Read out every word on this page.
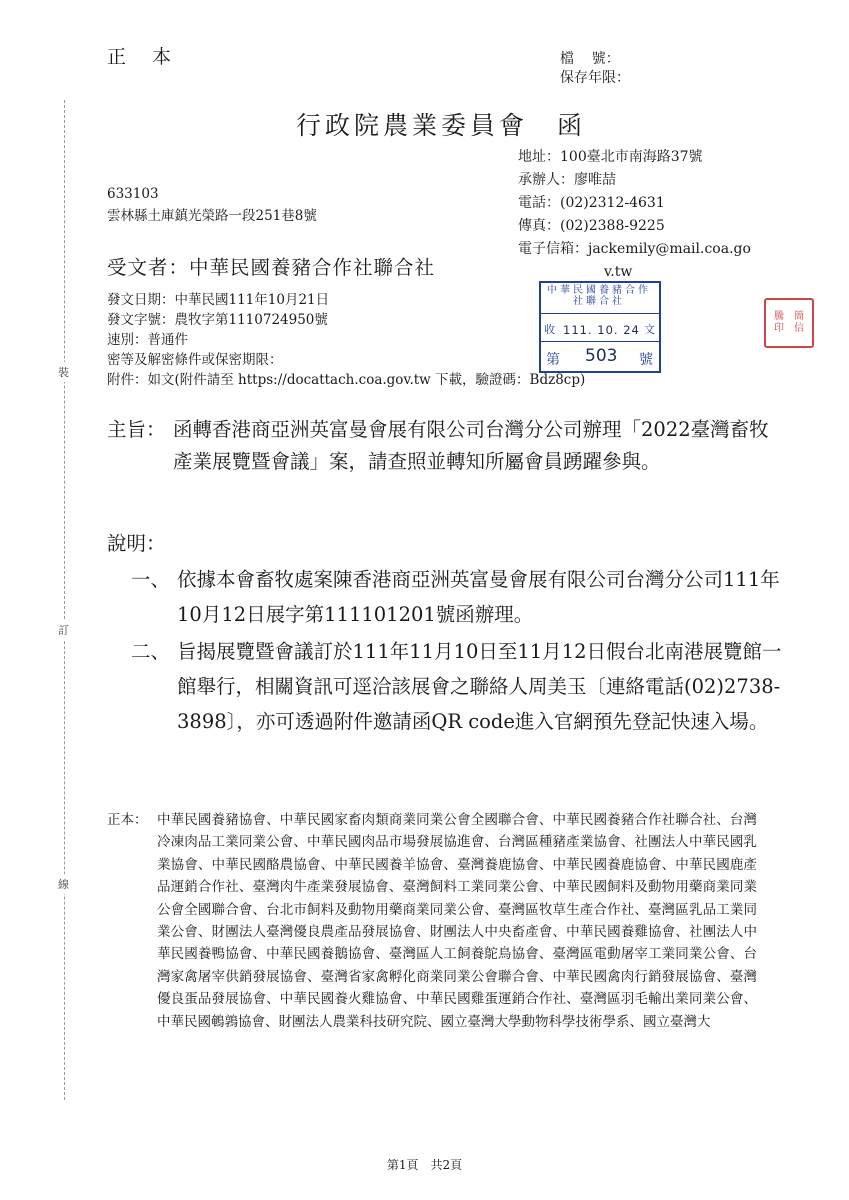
正本	檔    號：
保存年限：
裝
訂
線
行政院農業委員會　函
地址：100臺北市南海路37號
承辦人：廖唯喆
電話：(02)2312-4631
傳真：(02)2388-9225
電子信箱：jackemily@mail.coa.go
v.tw
633103
雲林縣土庫鎮光榮路一段251巷8號
受文者：中華民國養豬合作社聯合社
發文日期：中華民國111年10月21日
發文字號：農牧字第1110724950號
速別：普通件
密等及解密條件或保密期限：
附件：如文(附件請至 https://docattach.coa.gov.tw 下載，驗證碼：Bdz8cp)
中華民國養豬合作社聯合社
收 111. 10. 24 文
第 503 號
騰	簡
印	信
主旨： 函轉香港商亞洲英富曼會展有限公司台灣分公司辦理「2022臺灣畜牧產業展覽暨會議」案，請查照並轉知所屬會員踴躍參與。
說明：
一、 依據本會畜牧處案陳香港商亞洲英富曼會展有限公司台灣分公司111年10月12日展字第111101201號函辦理。
二、 旨揭展覽暨會議訂於111年11月10日至11月12日假台北南港展覽館一館舉行，相關資訊可逕洽該展會之聯絡人周美玉〔連絡電話(02)2738-3898〕，亦可透過附件邀請函QR code進入官網預先登記快速入場。
正本： 中華民國養豬協會、中華民國家畜肉類商業同業公會全國聯合會、中華民國養豬合作社聯合社、台灣冷凍肉品工業同業公會、中華民國肉品市場發展協進會、台灣區種豬產業協會、社團法人中華民國乳業協會、中華民國酪農協會、中華民國養羊協會、臺灣養鹿協會、中華民國養鹿協會、中華民國鹿產品運銷合作社、臺灣肉牛產業發展協會、臺灣飼料工業同業公會、中華民國飼料及動物用藥商業同業公會全國聯合會、台北市飼料及動物用藥商業同業公會、臺灣區牧草生產合作社、臺灣區乳品工業同業公會、財團法人臺灣優良農產品發展協會、財團法人中央畜產會、中華民國養雞協會、社團法人中華民國養鴨協會、中華民國養鵝協會、臺灣區人工飼養鴕鳥協會、臺灣區電動屠宰工業同業公會、台灣家禽屠宰供銷發展協會、臺灣省家禽孵化商業同業公會聯合會、中華民國禽肉行銷發展協會、臺灣優良蛋品發展協會、中華民國養火雞協會、中華民國雞蛋運銷合作社、臺灣區羽毛輸出業同業公會、中華民國鵪鶉協會、財團法人農業科技研究院、國立臺灣大學動物科學技術學系、國立臺灣大
第1頁　共2頁
